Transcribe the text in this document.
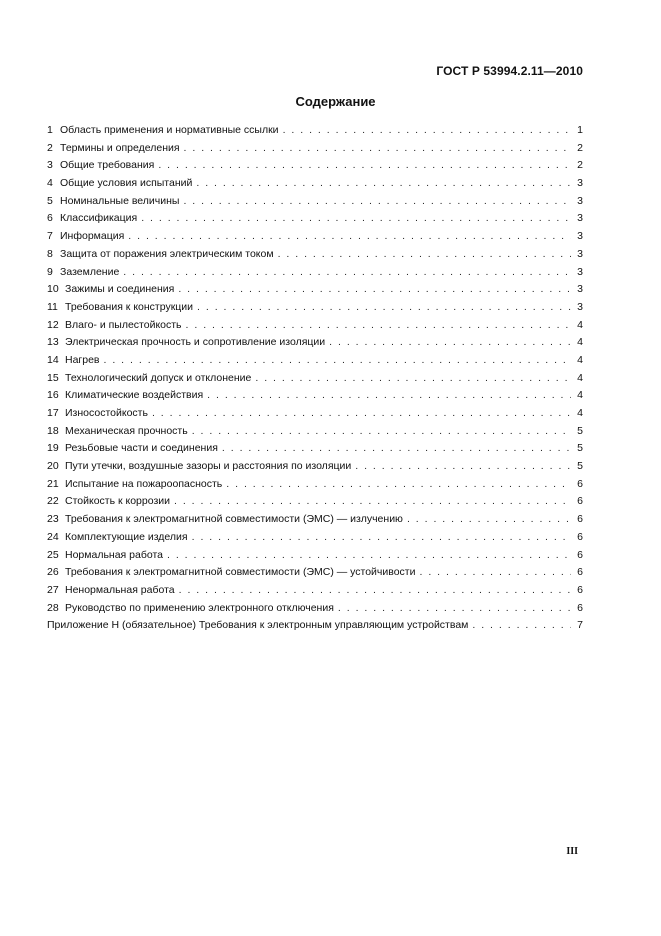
ГОСТ Р 53994.2.11—2010
Содержание
1 Область применения и нормативные ссылки . . .	1
2 Термины и определения . . .	2
3 Общие требования . . .	2
4 Общие условия испытаний . . .	3
5 Номинальные величины . . .	3
6 Классификация . . .	3
7 Информация . . .	3
8 Защита от поражения электрическим током . . .	3
9 Заземление . . .	3
10 Зажимы и соединения . . .	3
11 Требования к конструкции . . .	3
12 Влаго- и пылестойкость . . .	4
13 Электрическая прочность и сопротивление изоляции . . .	4
14 Нагрев . . .	4
15 Технологический допуск и отклонение . . .	4
16 Климатические воздействия . . .	4
17 Износостойкость . . .	4
18 Механическая прочность . . .	5
19 Резьбовые части и соединения . . .	5
20 Пути утечки, воздушные зазоры и расстояния по изоляции . . .	5
21 Испытание на пожароопасность . . .	6
22 Стойкость к коррозии . . .	6
23 Требования к электромагнитной совместимости (ЭМС) — излучению . . .	6
24 Комплектующие изделия . . .	6
25 Нормальная работа . . .	6
26 Требования к электромагнитной совместимости (ЭМС) — устойчивости . . .	6
27 Ненормальная работа . . .	6
28 Руководство по применению электронного отключения . . .	6
Приложение Н (обязательное) Требования к электронным управляющим устройствам . . .	7
III
